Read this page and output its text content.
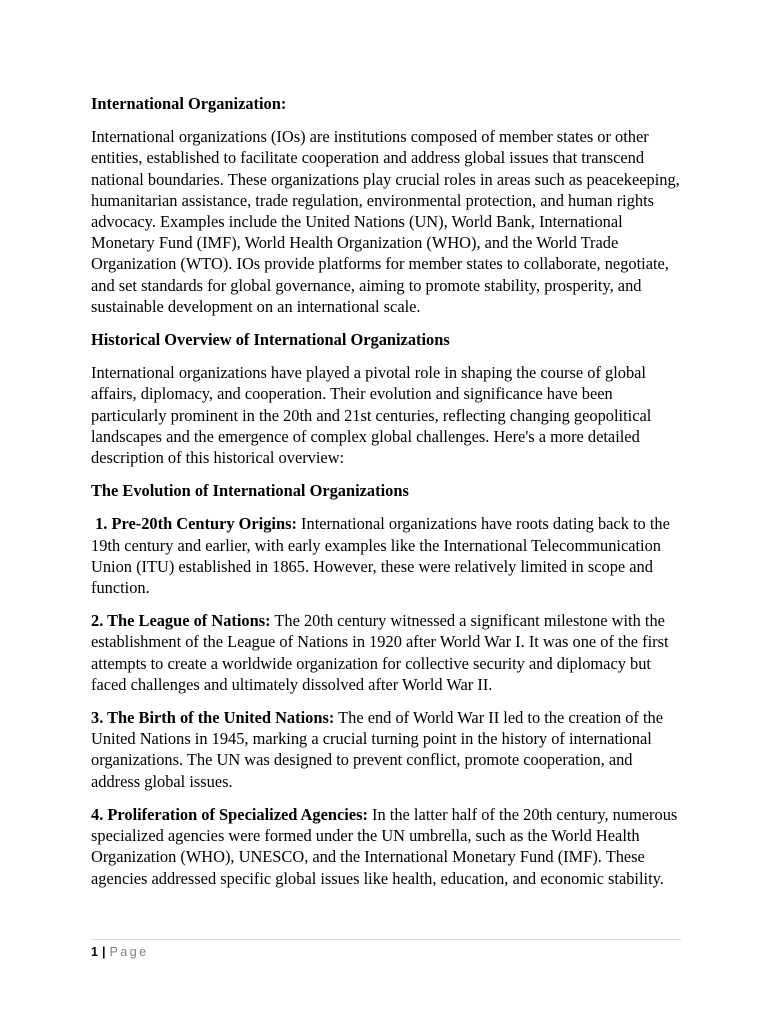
International Organization:

International organizations (IOs) are institutions composed of member states or other entities, established to facilitate cooperation and address global issues that transcend national boundaries. These organizations play crucial roles in areas such as peacekeeping, humanitarian assistance, trade regulation, environmental protection, and human rights advocacy. Examples include the United Nations (UN), World Bank, International Monetary Fund (IMF), World Health Organization (WHO), and the World Trade Organization (WTO). IOs provide platforms for member states to collaborate, negotiate, and set standards for global governance, aiming to promote stability, prosperity, and sustainable development on an international scale.

Historical Overview of International Organizations

International organizations have played a pivotal role in shaping the course of global affairs, diplomacy, and cooperation. Their evolution and significance have been particularly prominent in the 20th and 21st centuries, reflecting changing geopolitical landscapes and the emergence of complex global challenges. Here's a more detailed description of this historical overview:

The Evolution of International Organizations

1. Pre-20th Century Origins: International organizations have roots dating back to the 19th century and earlier, with early examples like the International Telecommunication Union (ITU) established in 1865. However, these were relatively limited in scope and function.

2. The League of Nations: The 20th century witnessed a significant milestone with the establishment of the League of Nations in 1920 after World War I. It was one of the first attempts to create a worldwide organization for collective security and diplomacy but faced challenges and ultimately dissolved after World War II.

3. The Birth of the United Nations: The end of World War II led to the creation of the United Nations in 1945, marking a crucial turning point in the history of international organizations. The UN was designed to prevent conflict, promote cooperation, and address global issues.

4. Proliferation of Specialized Agencies: In the latter half of the 20th century, numerous specialized agencies were formed under the UN umbrella, such as the World Health Organization (WHO), UNESCO, and the International Monetary Fund (IMF). These agencies addressed specific global issues like health, education, and economic stability.

1 | Page
